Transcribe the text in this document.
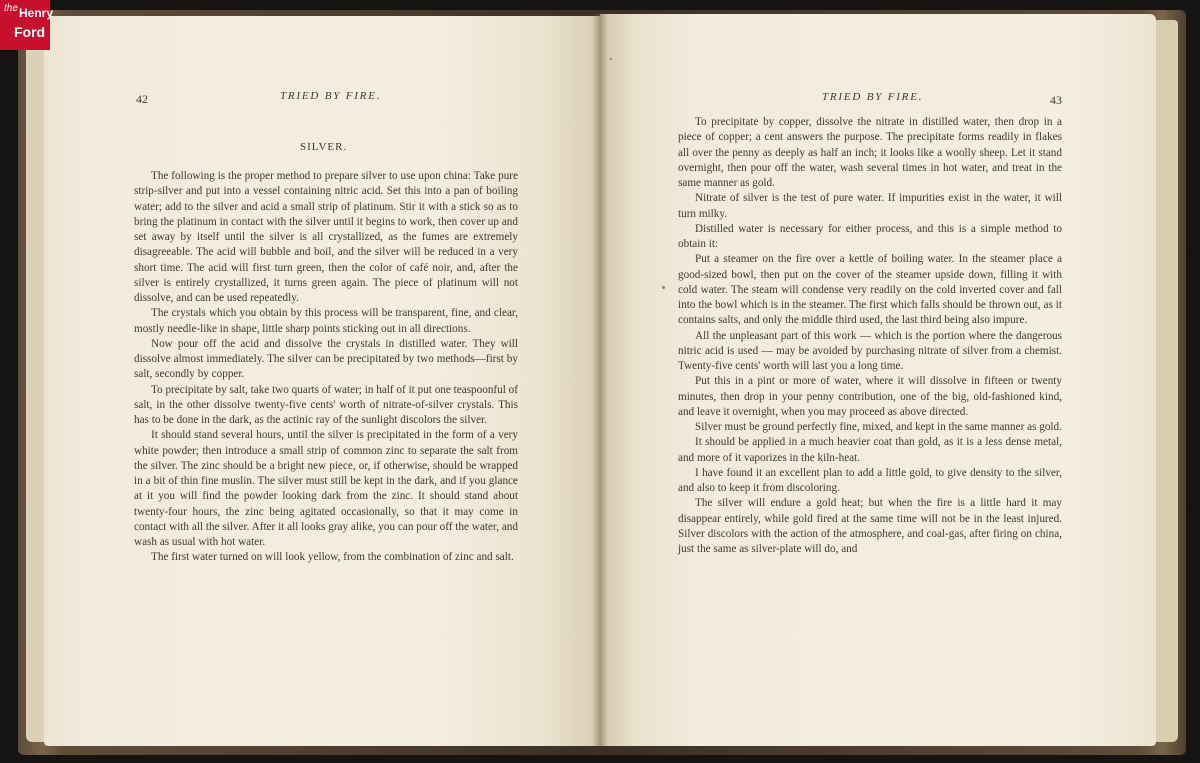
42	TRIED BY FIRE.
SILVER.

The following is the proper method to prepare silver to use upon china: Take pure strip-silver and put into a vessel containing nitric acid. Set this into a pan of boiling water; add to the silver and acid a small strip of platinum. Stir it with a stick so as to bring the platinum in contact with the silver until it begins to work, then cover up and set away by itself until the silver is all crystallized, as the fumes are extremely disagreeable. The acid will bubble and boil, and the silver will be reduced in a very short time. The acid will first turn green, then the color of café noir, and, after the silver is entirely crystallized, it turns green again. The piece of platinum will not dissolve, and can be used repeatedly.

The crystals which you obtain by this process will be transparent, fine, and clear, mostly needle-like in shape, little sharp points sticking out in all directions.

Now pour off the acid and dissolve the crystals in distilled water. They will dissolve almost immediately. The silver can be precipitated by two methods—first by salt, secondly by copper.

To precipitate by salt, take two quarts of water; in half of it put one teaspoonful of salt, in the other dissolve twenty-five cents' worth of nitrate-of-silver crystals. This has to be done in the dark, as the actinic ray of the sunlight discolors the silver.

It should stand several hours, until the silver is precipitated in the form of a very white powder; then introduce a small strip of common zinc to separate the salt from the silver. The zinc should be a bright new piece, or, if otherwise, should be wrapped in a bit of thin fine muslin. The silver must still be kept in the dark, and if you glance at it you will find the powder looking dark from the zinc. It should stand about twenty-four hours, the zinc being agitated occasionally, so that it may come in contact with all the silver. After it all looks gray alike, you can pour off the water, and wash as usual with hot water.

The first water turned on will look yellow, from the combination of zinc and salt.

TRIED BY FIRE.	43

To precipitate by copper, dissolve the nitrate in distilled water, then drop in a piece of copper; a cent answers the purpose. The precipitate forms readily in flakes all over the penny as deeply as half an inch; it looks like a woolly sheep. Let it stand overnight, then pour off the water, wash several times in hot water, and treat in the same manner as gold.

Nitrate of silver is the test of pure water. If impurities exist in the water, it will turn milky.

Distilled water is necessary for either process, and this is a simple method to obtain it:

Put a steamer on the fire over a kettle of boiling water. In the steamer place a good-sized bowl, then put on the cover of the steamer upside down, filling it with cold water. The steam will condense very readily on the cold inverted cover and fall into the bowl which is in the steamer. The first which falls should be thrown out, as it contains salts, and only the middle third used, the last third being also impure.

All the unpleasant part of this work — which is the portion where the dangerous nitric acid is used — may be avoided by purchasing nitrate of silver from a chemist. Twenty-five cents' worth will last you a long time.

Put this in a pint or more of water, where it will dissolve in fifteen or twenty minutes, then drop in your penny contribution, one of the big, old-fashioned kind, and leave it overnight, when you may proceed as above directed.

Silver must be ground perfectly fine, mixed, and kept in the same manner as gold.

It should be applied in a much heavier coat than gold, as it is a less dense metal, and more of it vaporizes in the kiln-heat.

I have found it an excellent plan to add a little gold, to give density to the silver, and also to keep it from discoloring.

The silver will endure a gold heat; but when the fire is a little hard it may disappear entirely, while gold fired at the same time will not be in the least injured. Silver discolors with the action of the atmosphere, and coal-gas, after firing on china, just the same as silver-plate will do, and

the Henry
Ford
